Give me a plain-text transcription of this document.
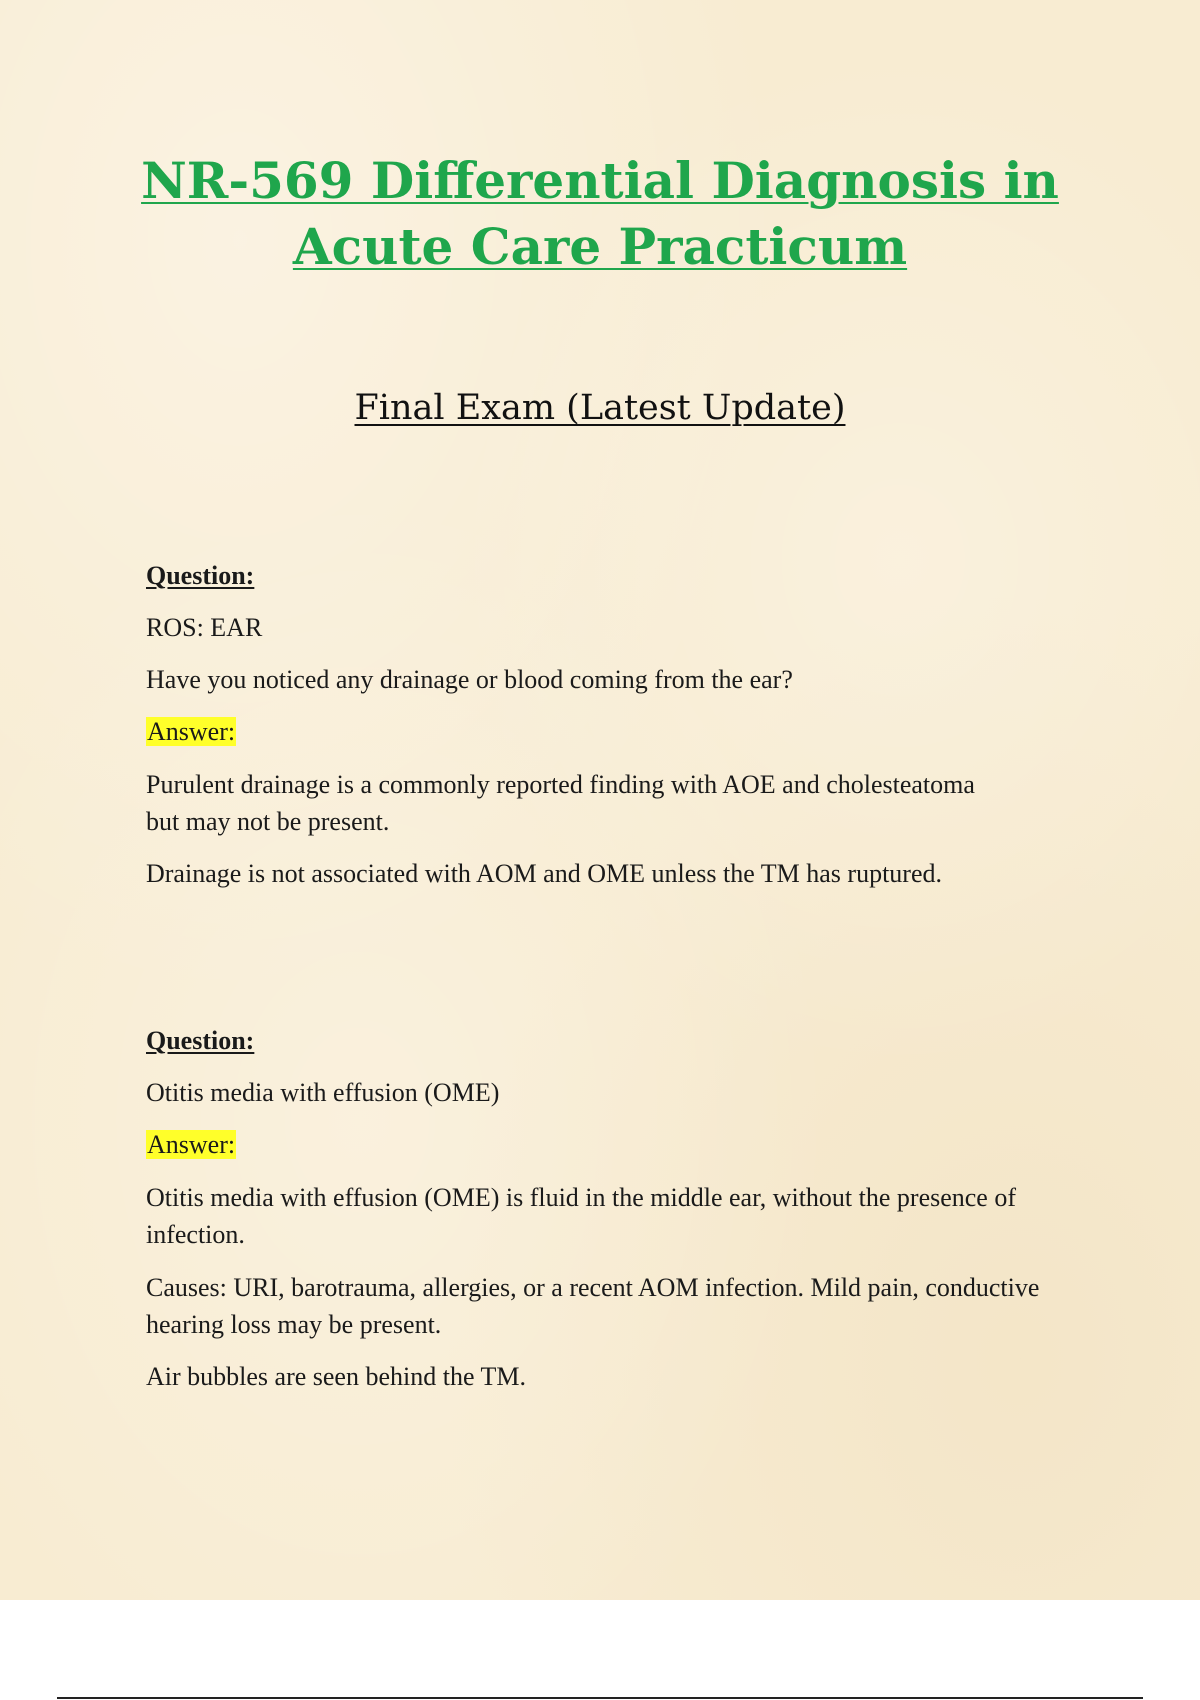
NR-569 Differential Diagnosis in
Acute Care Practicum
Final Exam (Latest Update)

Question:

ROS: EAR

Have you noticed any drainage or blood coming from the ear?

Answer:

Purulent drainage is a commonly reported finding with AOE and cholesteatoma but may not be present.

Drainage is not associated with AOM and OME unless the TM has ruptured.

Question:

Otitis media with effusion (OME)

Answer:

Otitis media with effusion (OME) is fluid in the middle ear, without the presence of infection.

Causes: URI, barotrauma, allergies, or a recent AOM infection. Mild pain, conductive hearing loss may be present.

Air bubbles are seen behind the TM.
